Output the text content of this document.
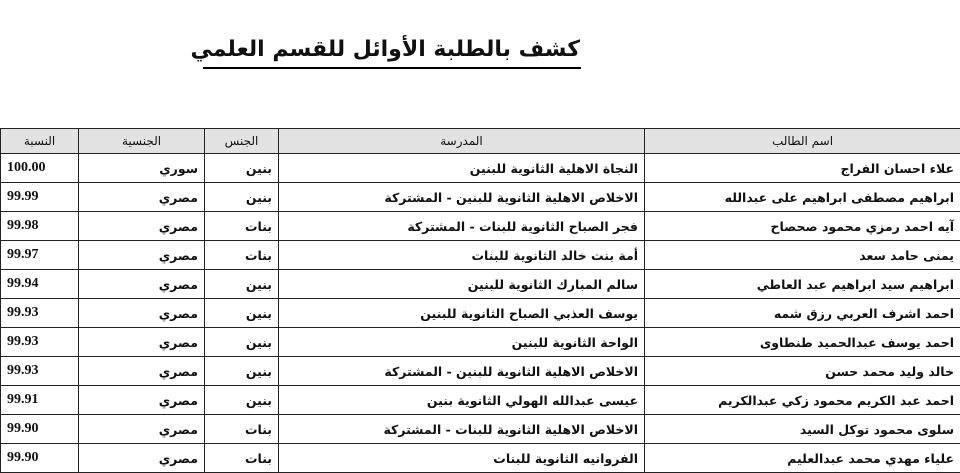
كشف بالطلبة الأوائل للقسم العلمي
اسم الطالب	المدرسة	الجنس	الجنسية	النسبة
علاء احسان الفراج	النجاة الاهلية الثانوية للبنين	بنين	سوري	100.00
ابراهيم مصطفى ابراهيم على عبدالله	الاخلاص الاهلية الثانوية للبنين - المشتركة	بنين	مصري	99.99
آيه احمد رمزي محمود صحصاح	فجر الصباح الثانوية للبنات - المشتركة	بنات	مصري	99.98
يمنى حامد سعد	أمة بنت خالد الثانوية للبنات	بنات	مصري	99.97
ابراهيم سيد ابراهيم عبد العاطي	سالم المبارك الثانوية للبنين	بنين	مصري	99.94
احمد اشرف العربي رزق شمه	يوسف العذبي الصباح الثانوية للبنين	بنين	مصري	99.93
احمد يوسف عبدالحميد طنطاوى	الواحة الثانوية للبنين	بنين	مصري	99.93
خالد وليد محمد حسن	الاخلاص الاهلية الثانوية للبنين - المشتركة	بنين	مصري	99.93
احمد عبد الكريم محمود زكي عبدالكريم	عيسى عبدالله الهولي الثانوية بنين	بنين	مصري	99.91
سلوى محمود توكل السيد	الاخلاص الاهلية الثانوية للبنات - المشتركة	بنات	مصري	99.90
علياء مهدي محمد عبدالعليم	الفروانيه الثانوية للبنات	بنات	مصري	99.90
